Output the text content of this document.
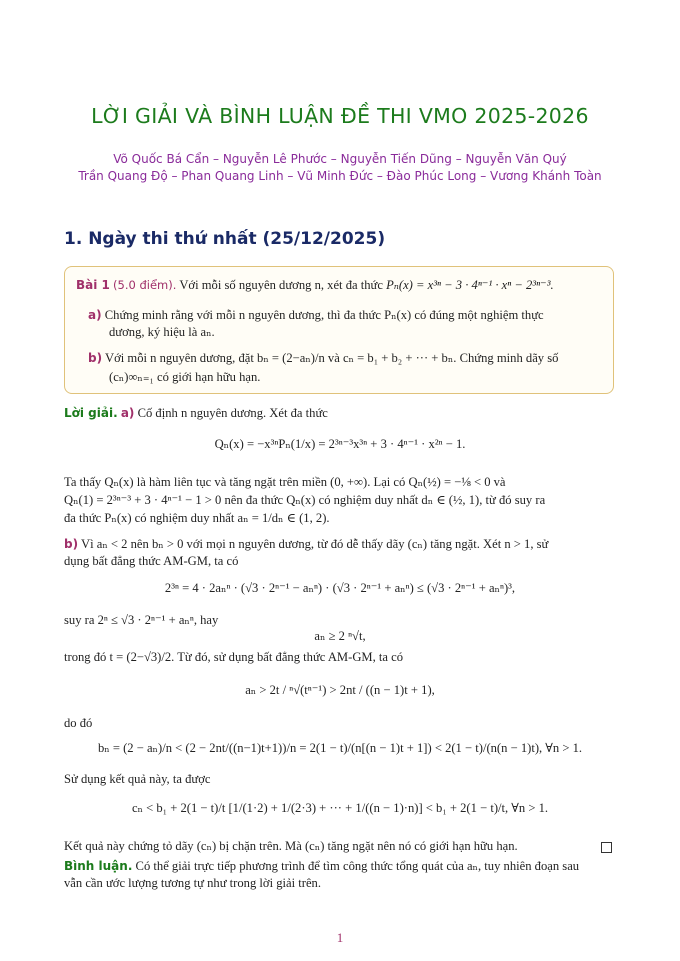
LỜI GIẢI VÀ BÌNH LUẬN ĐỀ THI VMO 2025-2026
Võ Quốc Bá Cẩn – Nguyễn Lê Phước – Nguyễn Tiến Dũng – Nguyễn Văn Quý
Trần Quang Độ – Phan Quang Linh – Vũ Minh Đức – Đào Phúc Long – Vương Khánh Toàn
1. Ngày thi thứ nhất (25/12/2025)
Bài 1 (5.0 điểm). Với mỗi số nguyên dương n, xét đa thức Pₙ(x) = x³ⁿ − 3 · 4ⁿ⁻¹ · xⁿ − 2³ⁿ⁻³.
a) Chứng minh rằng với mỗi n nguyên dương, thì đa thức Pₙ(x) có đúng một nghiệm thực
dương, ký hiệu là aₙ.
b) Với mỗi n nguyên dương, đặt bₙ = (2−aₙ)/n và cₙ = b₁ + b₂ + ··· + bₙ. Chứng minh dãy số
(cₙ)∞ₙ₌₁ có giới hạn hữu hạn.
Lời giải. a) Cố định n nguyên dương. Xét đa thức
Qₙ(x) = −x³ⁿPₙ(1/x) = 2³ⁿ⁻³x³ⁿ + 3 · 4ⁿ⁻¹ · x²ⁿ − 1.
Ta thấy Qₙ(x) là hàm liên tục và tăng ngặt trên miền (0, +∞). Lại có Qₙ(½) = −⅛ < 0 và
Qₙ(1) = 2³ⁿ⁻³ + 3 · 4ⁿ⁻¹ − 1 > 0 nên đa thức Qₙ(x) có nghiệm duy nhất dₙ ∈ (½, 1), từ đó suy ra
đa thức Pₙ(x) có nghiệm duy nhất aₙ = 1/dₙ ∈ (1, 2).
b) Vì aₙ < 2 nên bₙ > 0 với mọi n nguyên dương, từ đó dễ thấy dãy (cₙ) tăng ngặt. Xét n > 1, sử
dụng bất đẳng thức AM-GM, ta có
2³ⁿ = 4 · 2aₙⁿ · (√3 · 2ⁿ⁻¹ − aₙⁿ) · (√3 · 2ⁿ⁻¹ + aₙⁿ) ≤ (√3 · 2ⁿ⁻¹ + aₙⁿ)³,
suy ra 2ⁿ ≤ √3 · 2ⁿ⁻¹ + aₙⁿ, hay
aₙ ≥ 2 ⁿ√t,
trong đó t = (2−√3)/2. Từ đó, sử dụng bất đẳng thức AM-GM, ta có
aₙ > 2t / ⁿ√(tⁿ⁻¹) > 2nt / ((n − 1)t + 1),
do đó
bₙ = (2 − aₙ)/n < (2 − 2nt/((n−1)t+1))/n = 2(1 − t)/(n[(n − 1)t + 1]) < 2(1 − t)/(n(n − 1)t), ∀n > 1.
Sử dụng kết quả này, ta được
cₙ < b₁ + 2(1 − t)/t [1/(1·2) + 1/(2·3) + ··· + 1/((n − 1)·n)] < b₁ + 2(1 − t)/t, ∀n > 1.
Kết quả này chứng tỏ dãy (cₙ) bị chặn trên. Mà (cₙ) tăng ngặt nên nó có giới hạn hữu hạn.
Bình luận. Có thể giải trực tiếp phương trình để tìm công thức tổng quát của aₙ, tuy nhiên đoạn sau
vẫn cần ước lượng tương tự như trong lời giải trên.
1
